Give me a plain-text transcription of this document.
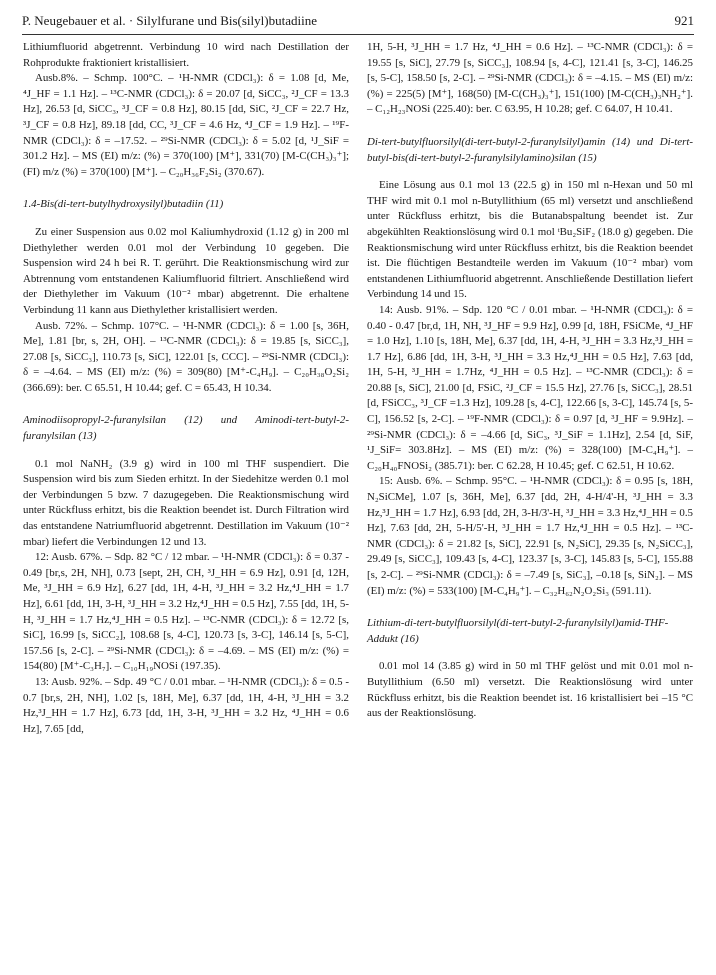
P. Neugebauer et al. · Silylfurane und Bis(silyl)butadiine	921

Lithiumfluorid abgetrennt. Verbindung 10 wird nach Destillation der Rohprodukte fraktioniert kristallisiert.

Ausb.8%. – Schmp. 100°C. – ¹H-NMR (CDCl₃): δ = 1.08 [d, Me, ⁴J_HF = 1.1 Hz]. – ¹³C-NMR (CDCl₃): δ = 20.07 [d, SiCC₃, ²J_CF = 13.3 Hz], 26.53 [d, SiCC₃, ³J_CF = 0.8 Hz], 80.15 [dd, SiC, ²J_CF = 22.7 Hz, ³J_CF = 0.8 Hz], 89.18 [dd, CC, ³J_CF = 4.6 Hz, ⁴J_CF = 1.9 Hz]. – ¹⁹F-NMR (CDCl₃): δ = –17.52. – ²⁹Si-NMR (CDCl₃): δ = 5.02 [d, ¹J_SiF = 301.2 Hz]. – MS (EI) m/z: (%) = 370(100) [M⁺], 331(70) [M-C(CH₃)₃⁺]; (FI) m/z (%) = 370(100) [M⁺]. – C₂₀H₃₆F₂Si₂ (370.67).

1.4-Bis(di-tert-butylhydroxysilyl)butadiin (11)

Zu einer Suspension aus 0.02 mol Kaliumhydroxid (1.12 g) in 200 ml Diethylether werden 0.01 mol der Verbindung 10 gegeben. Die Suspension wird 24 h bei R. T. gerührt. Die Reaktionsmischung wird zur Abtrennung vom entstandenen Kaliumfluorid filtriert. Anschließend wird der Diethylether im Vakuum (10⁻² mbar) abgetrennt. Die erhaltene Verbindung 11 kann aus Diethylether kristallisiert werden.

Ausb. 72%. – Schmp. 107°C. – ¹H-NMR (CDCl₃): δ = 1.00 [s, 36H, Me], 1.81 [br, s, 2H, OH]. – ¹³C-NMR (CDCl₃): δ = 19.85 [s, SiCC₃], 27.08 [s, SiCC₃], 110.73 [s, SiC], 122.01 [s, CCC]. – ²⁹Si-NMR (CDCl₃): δ = –4.64. – MS (EI) m/z: (%) = 309(80) [M⁺-C₄H₉]. – C₂₀H₃₈O₂Si₂ (366.69): ber. C 65.51, H 10.44; gef. C = 65.43, H 10.34.

Aminodiisopropyl-2-furanylsilan (12) und Aminodi-tert-butyl-2-furanylsilan (13)

0.1 mol NaNH₂ (3.9 g) wird in 100 ml THF suspendiert. Die Suspension wird bis zum Sieden erhitzt. In der Siedehitze werden 0.1 mol der Verbindungen 5 bzw. 7 dazugegeben. Die Reaktionsmischung wird unter Rückfluss erhitzt, bis die Reaktion beendet ist. Durch Filtration wird das entstandene Natriumfluorid abgetrennt. Destillation im Vakuum (10⁻² mbar) liefert die Verbindungen 12 und 13.

12: Ausb. 67%. – Sdp. 82 °C / 12 mbar. – ¹H-NMR (CDCl₃): δ = 0.37 - 0.49 [br,s, 2H, NH], 0.73 [sept, 2H, CH, ³J_HH = 6.9 Hz], 0.91 [d, 12H, Me, ³J_HH = 6.9 Hz], 6.27 [dd, 1H, 4-H, ³J_HH = 3.2 Hz,⁴J_HH = 1.7 Hz], 6.61 [dd, 1H, 3-H, ³J_HH = 3.2 Hz,⁴J_HH = 0.5 Hz], 7.55 [dd, 1H, 5-H, ³J_HH = 1.7 Hz,⁴J_HH = 0.5 Hz]. – ¹³C-NMR (CDCl₃): δ = 12.72 [s, SiC], 16.99 [s, SiCC₂], 108.68 [s, 4-C], 120.73 [s, 3-C], 146.14 [s, 5-C], 157.56 [s, 2-C]. – ²⁹Si-NMR (CDCl₃): δ = –4.69. – MS (EI) m/z: (%) = 154(80) [M⁺-C₃H₇]. – C₁₀H₁₉NOSi (197.35).

13: Ausb. 92%. – Sdp. 49 °C / 0.01 mbar. – ¹H-NMR (CDCl₃): δ = 0.5 - 0.7 [br,s, 2H, NH], 1.02 [s, 18H, Me], 6.37 [dd, 1H, 4-H, ³J_HH = 3.2 Hz,³J_HH = 1.7 Hz], 6.73 [dd, 1H, 3-H, ³J_HH = 3.2 Hz, ⁴J_HH = 0.6 Hz], 7.65 [dd,

1H, 5-H, ³J_HH = 1.7 Hz, ⁴J_HH = 0.6 Hz]. – ¹³C-NMR (CDCl₃): δ = 19.55 [s, SiC], 27.79 [s, SiCC₃], 108.94 [s, 4-C], 121.41 [s, 3-C], 146.25 [s, 5-C], 158.50 [s, 2-C]. – ²⁹Si-NMR (CDCl₃): δ = –4.15. – MS (EI) m/z: (%) = 225(5) [M⁺], 168(50) [M-C(CH₃)₃⁺], 151(100) [M-C(CH₃)₃NH₂⁺]. – C₁₂H₂₃NOSi (225.40): ber. C 63.95, H 10.28; gef. C 64.07, H 10.41.

Di-tert-butylfluorsilyl(di-tert-butyl-2-furanylsilyl)amin (14) und Di-tert-butyl-bis(di-tert-butyl-2-furanylsilylamino)silan (15)

Eine Lösung aus 0.1 mol 13 (22.5 g) in 150 ml n-Hexan und 50 ml THF wird mit 0.1 mol n-Butyllithium (65 ml) versetzt und anschließend unter Rückfluss erhitzt, bis die Butanabspaltung beendet ist. Zur abgekühlten Reaktionslösung wird 0.1 mol ᵗBu₂SiF₂ (18.0 g) gegeben. Die Reaktionsmischung wird unter Rückfluss erhitzt, bis die Reaktion beendet ist. Die flüchtigen Bestandteile werden im Vakuum (10⁻² mbar) vom entstandenen Lithiumfluorid abgetrennt. Anschließende Destillation liefert Verbindung 14 und 15.

14: Ausb. 91%. – Sdp. 120 °C / 0.01 mbar. – ¹H-NMR (CDCl₃): δ = 0.40 - 0.47 [br,d, 1H, NH, ³J_HF = 9.9 Hz], 0.99 [d, 18H, FSiCMe, ⁴J_HF = 1.0 Hz], 1.10 [s, 18H, Me], 6.37 [dd, 1H, 4-H, ³J_HH = 3.3 Hz,³J_HH = 1.7 Hz], 6.86 [dd, 1H, 3-H, ³J_HH = 3.3 Hz,⁴J_HH = 0.5 Hz], 7.63 [dd, 1H, 5-H, ³J_HH = 1.7Hz, ⁴J_HH = 0.5 Hz]. – ¹³C-NMR (CDCl₃): δ = 20.88 [s, SiC], 21.00 [d, FSiC, ²J_CF = 15.5 Hz], 27.76 [s, SiCC₃], 28.51 [d, FSiCC₃, ³J_CF =1.3 Hz], 109.28 [s, 4-C], 122.66 [s, 3-C], 145.74 [s, 5-C], 156.52 [s, 2-C]. – ¹⁹F-NMR (CDCl₃): δ = 0.97 [d, ³J_HF = 9.9Hz]. – ²⁹Si-NMR (CDCl₃): δ = –4.66 [d, SiC₃, ³J_SiF = 1.1Hz], 2.54 [d, SiF, ¹J_SiF= 303.8Hz]. – MS (EI) m/z: (%) = 328(100) [M-C₄H₉⁺]. – C₂₀H₄₀FNOSi₂ (385.71): ber. C 62.28, H 10.45; gef. C 62.51, H 10.62.

15: Ausb. 6%. – Schmp. 95°C. – ¹H-NMR (CDCl₃): δ = 0.95 [s, 18H, N₂SiCMe], 1.07 [s, 36H, Me], 6.37 [dd, 2H, 4-H/4'-H, ³J_HH = 3.3 Hz,³J_HH = 1.7 Hz], 6.93 [dd, 2H, 3-H/3'-H, ³J_HH = 3.3 Hz,⁴J_HH = 0.5 Hz], 7.63 [dd, 2H, 5-H/5'-H, ³J_HH = 1.7 Hz,⁴J_HH = 0.5 Hz]. – ¹³C-NMR (CDCl₃): δ = 21.82 [s, SiC], 22.91 [s, N₂SiC], 29.35 [s, N₂SiCC₃], 29.49 [s, SiCC₃], 109.43 [s, 4-C], 123.37 [s, 3-C], 145.83 [s, 5-C], 155.88 [s, 2-C]. – ²⁹Si-NMR (CDCl₃): δ = –7.49 [s, SiC₃], –0.18 [s, SiN₂]. – MS (EI) m/z: (%) = 533(100) [M-C₄H₉⁺]. – C₃₂H₆₂N₂O₂Si₃ (591.11).

Lithium-di-tert-butylfluorsilyl(di-tert-butyl-2-furanylsilyl)amid-THF-Addukt (16)

0.01 mol 14 (3.85 g) wird in 50 ml THF gelöst und mit 0.01 mol n-Butyllithium (6.50 ml) versetzt. Die Reaktionslösung wird unter Rückfluss erhitzt, bis die Reaktion beendet ist. 16 kristallisiert bei –15 °C aus der Reaktionslösung.
